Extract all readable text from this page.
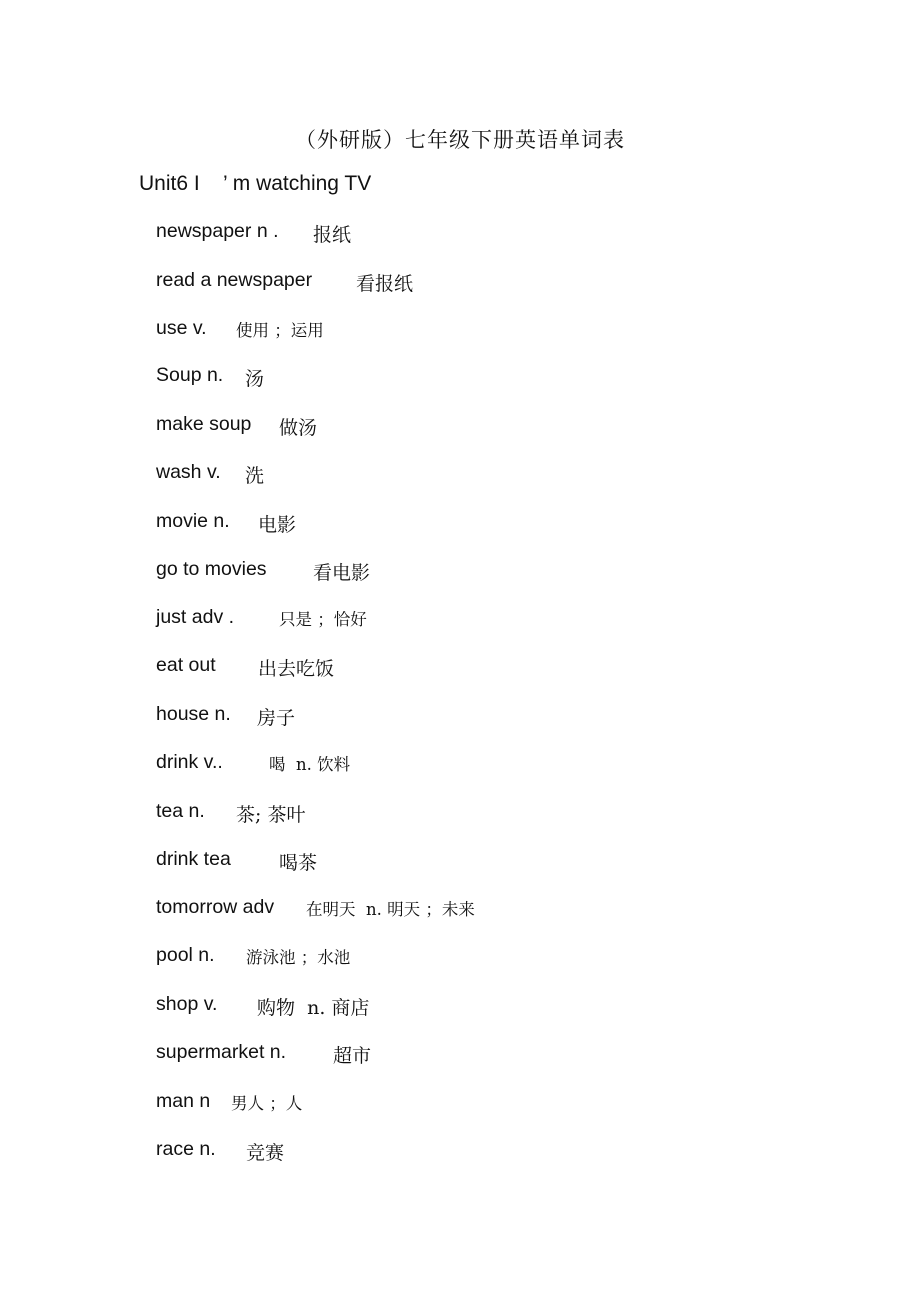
（外研版）七年级下册英语单词表
Unit6 I    ’ m watching TV
newspaper n . 报纸
read a newspaper 看报纸
use v. 使用 ；运用
Soup n. 汤
make soup 做汤
wash v. 洗
movie n. 电影
go to movies 看电影
just adv .	只是 ；恰好
eat out 出去吃饭
house n. 房子
drink v..	喝  n. 饮料
tea n. 茶; 茶叶
drink tea	喝茶
tomorrow adv 在明天  n. 明天 ；未来
pool n. 游泳池 ；水池
shop v. 购物  n. 商店
supermarket n. 超市
man n 男人 ；人
race n. 竞赛
